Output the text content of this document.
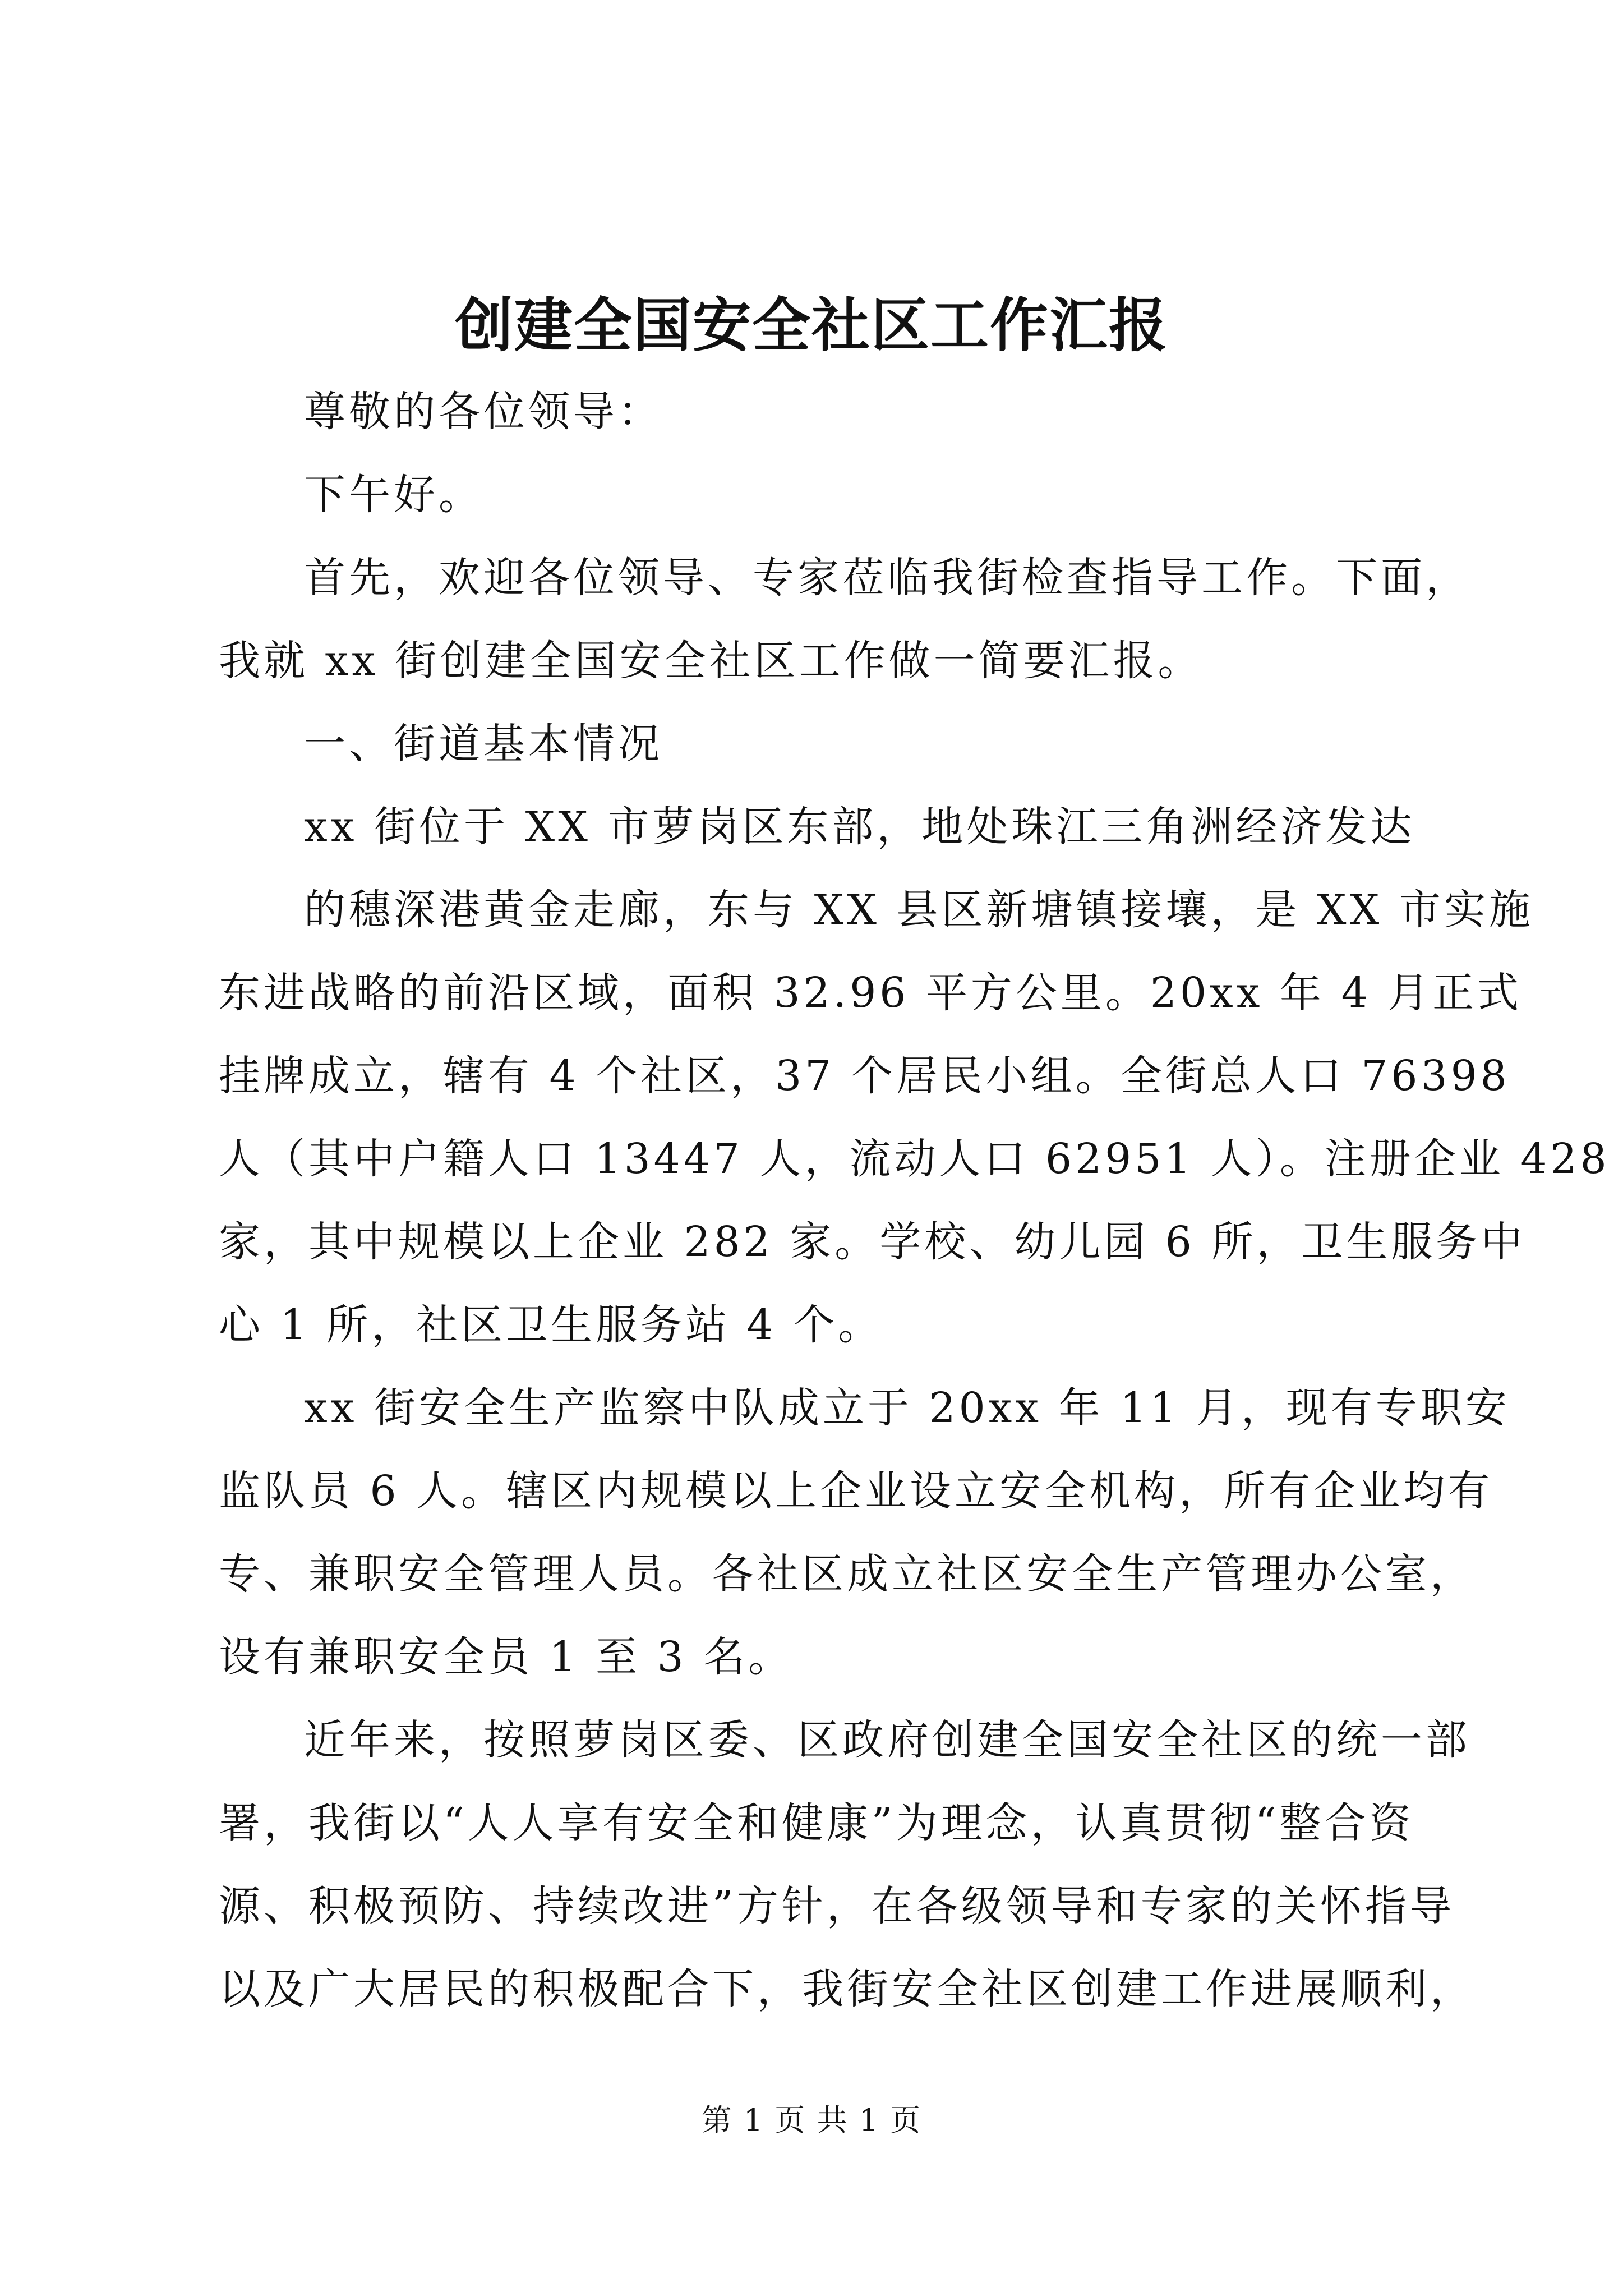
创建全国安全社区工作汇报
尊敬的各位领导：
下午好。
首先，欢迎各位领导、专家莅临我街检查指导工作。下面，
我就 xx 街创建全国安全社区工作做一简要汇报。
一、街道基本情况
xx 街位于 XX 市萝岗区东部，地处珠江三角洲经济发达
的穗深港黄金走廊，东与 XX 县区新塘镇接壤，是 XX 市实施
东进战略的前沿区域，面积 32.96 平方公里。20xx 年 4 月正式
挂牌成立，辖有 4 个社区，37 个居民小组。全街总人口 76398
人（其中户籍人口 13447 人，流动人口 62951 人）。注册企业 428
家，其中规模以上企业 282 家。学校、幼儿园 6 所，卫生服务中
心 1 所，社区卫生服务站 4 个。
xx 街安全生产监察中队成立于 20xx 年 11 月，现有专职安
监队员 6 人。辖区内规模以上企业设立安全机构，所有企业均有
专、兼职安全管理人员。各社区成立社区安全生产管理办公室，
设有兼职安全员 1 至 3 名。
近年来，按照萝岗区委、区政府创建全国安全社区的统一部
署，我街以“人人享有安全和健康”为理念，认真贯彻“整合资
源、积极预防、持续改进”方针，在各级领导和专家的关怀指导
以及广大居民的积极配合下，我街安全社区创建工作进展顺利，
第 1 页 共 1 页
